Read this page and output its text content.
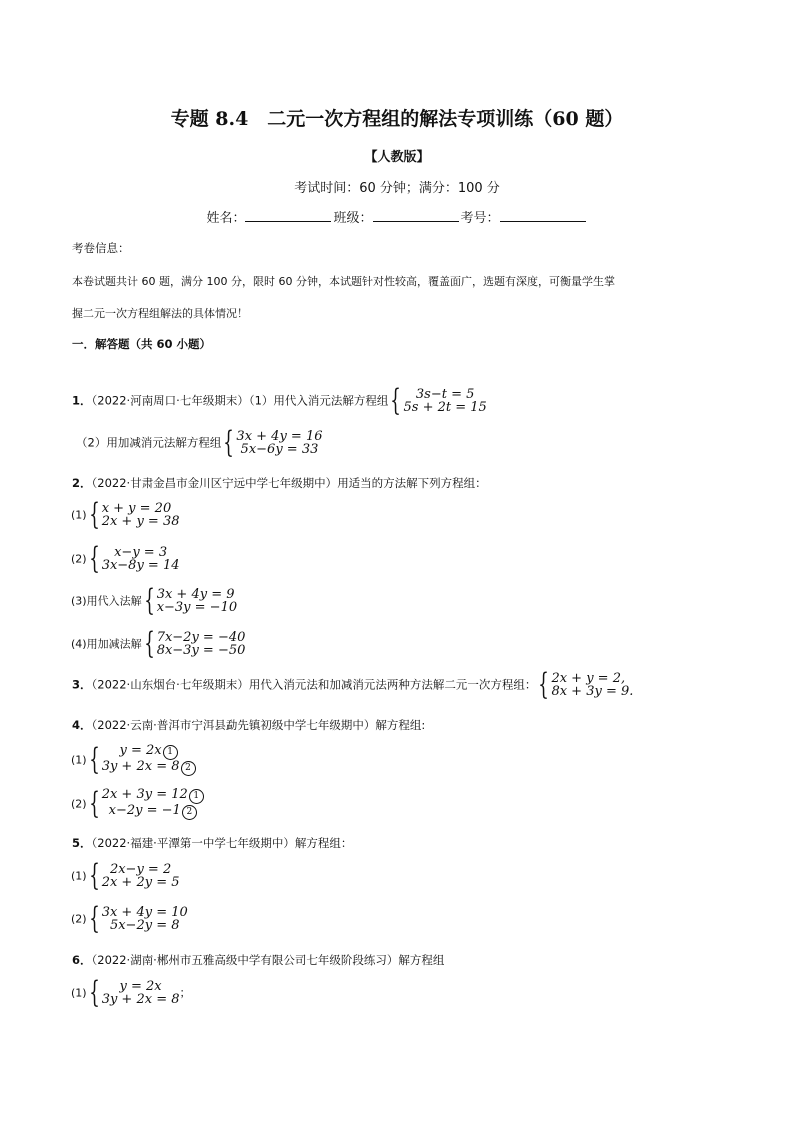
专题 8.4　二元一次方程组的解法专项训练（60 题）
【人教版】
考试时间：60 分钟；满分：100 分
姓名：	班级：	考号：
考卷信息：
本卷试题共计 60 题，满分 100 分，限时 60 分钟，本试题针对性较高，覆盖面广，选题有深度，可衡量学生掌
握二元一次方程组解法的具体情况！
一．解答题（共 60 小题）
1．（2022·河南周口·七年级期末）（1）用代入消元法解方程组 {	3s−t = 5
5s + 2t = 15
（2）用加减消元法解方程组 { 3x + 4y = 16
5x−6y = 33
2．（2022·甘肃金昌市金川区宁远中学七年级期中）用适当的方法解下列方程组：
(1) { x + y = 20
2x + y = 38
(2) {	x−y = 3
3x−8y = 14
(3)用代入法解 { 3x + 4y = 9
x−3y = −10
(4)用加减法解 { 7x−2y = −40
8x−3y = −50
3．（2022·山东烟台·七年级期末）用代入消元法和加减消元法两种方法解二元一次方程组： { 2x + y = 2,
8x + 3y = 9.
4．（2022·云南·普洱市宁洱县勐先镇初级中学七年级期中）解方程组:
(1) {	y = 2x 1
3y + 2x = 8 2
(2) { 2x + 3y = 12 1
x−2y = −1 2
5．（2022·福建·平潭第一中学七年级期中）解方程组：
(1) { 2x−y = 2
2x + 2y = 5
(2) { 3x + 4y = 10
5x−2y = 8
6．（2022·湖南·郴州市五雅高级中学有限公司七年级阶段练习）解方程组
(1) {	y = 2x
3y + 2x = 8 ；
